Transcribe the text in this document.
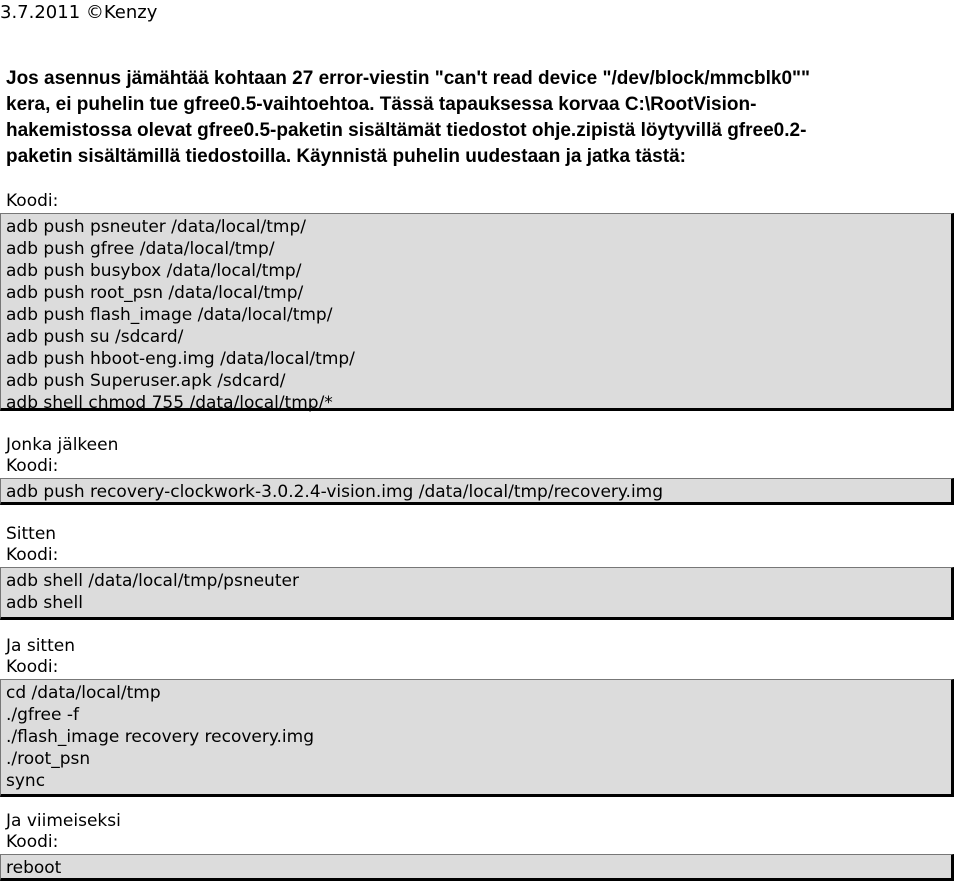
3.7.2011 ©Kenzy
Jos asennus jämähtää kohtaan 27 error-viestin "can't read device "/dev/block/mmcblk0""
kera, ei puhelin tue gfree0.5-vaihtoehtoa. Tässä tapauksessa korvaa C:\RootVision-
hakemistossa olevat gfree0.5-paketin sisältämät tiedostot ohje.zipistä löytyvillä gfree0.2-
paketin sisältämillä tiedostoilla. Käynnistä puhelin uudestaan ja jatka tästä:
Koodi:
adb push psneuter /data/local/tmp/
adb push gfree /data/local/tmp/
adb push busybox /data/local/tmp/
adb push root_psn /data/local/tmp/
adb push flash_image /data/local/tmp/
adb push su /sdcard/
adb push hboot-eng.img /data/local/tmp/
adb push Superuser.apk /sdcard/
adb shell chmod 755 /data/local/tmp/*
Jonka jälkeen
Koodi:
adb push recovery-clockwork-3.0.2.4-vision.img /data/local/tmp/recovery.img
Sitten
Koodi:
adb shell /data/local/tmp/psneuter
adb shell
Ja sitten
Koodi:
cd /data/local/tmp
./gfree -f
./flash_image recovery recovery.img
./root_psn
sync
Ja viimeiseksi
Koodi:
reboot
